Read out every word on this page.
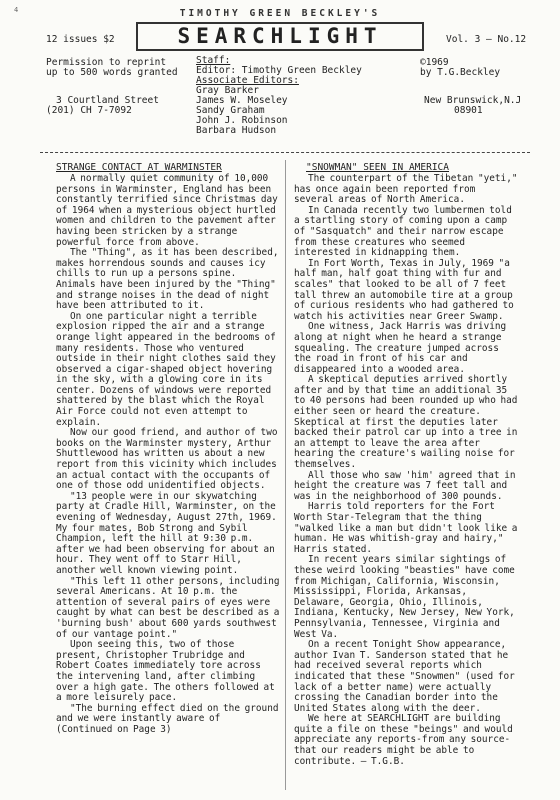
4	TIMOTHY GREEN BECKLEY'S
12 issues $2	SEARCHLIGHT	Vol. 3 — No.12
Permission to reprint
up to 500 words granted
3 Courtland Street
(201) CH 7-7092
Staff:
Editor: Timothy Green Beckley
Associate Editors:
Gray Barker
James W. Moseley
Sandy Graham
John J. Robinson
Barbara Hudson
©1969
by T.G.Beckley
New Brunswick,N.J
08901
STRANGE CONTACT AT WARMINSTER	"SNOWMAN" SEEN IN AMERICA

A normally quiet community of 10,000 persons in Warminster, England has been constantly terrified since Christmas day of 1964 when a mysterious object hurtled women and children to the pavement after having been stricken by a strange powerful force from above.

The "Thing", as it has been described, makes horrendous sounds and causes icy chills to run up a persons spine. Animals have been injured by the "Thing" and strange noises in the dead of night have been attributed to it.

On one particular night a terrible explosion ripped the air and a strange orange light appeared in the bedrooms of many residents. Those who ventured outside in their night clothes said they observed a cigar-shaped object hovering in the sky, with a glowing core in its center. Dozens of windows were reported shattered by the blast which the Royal Air Force could not even attempt to explain.

Now our good friend, and author of two books on the Warminster mystery, Arthur Shuttlewood has written us about a new report from this vicinity which includes an actual contact with the occupants of one of those odd unidentified objects.

"13 people were in our skywatching party at Cradle Hill, Warminster, on the evening of Wednesday, August 27th, 1969. My four mates, Bob Strong and Sybil Champion, left the hill at 9:30 p.m. after we had been observing for about an hour. They went off to Starr Hill, another well known viewing point.

"This left 11 other persons, including several Americans. At 10 p.m. the attention of several pairs of eyes were caught by what can best be described as a 'burning bush' about 600 yards southwest of our vantage point."

Upon seeing this, two of those present, Christopher Trubridge and Robert Coates immediately tore across the intervening land, after climbing over a high gate. The others followed at a more leisurely pace.

"The burning effect died on the ground and we were instantly aware of (Continued on Page 3)

The counterpart of the Tibetan "yeti," has once again been reported from several areas of North America.

In Canada recently two lumbermen told a startling story of coming upon a camp of "Sasquatch" and their narrow escape from these creatures who seemed interested in kidnapping them.

In Fort Worth, Texas in July, 1969 "a half man, half goat thing with fur and scales" that looked to be all of 7 feet tall threw an automobile tire at a group of curious residents who had gathered to watch his activities near Greer Swamp.

One witness, Jack Harris was driving along at night when he heard a strange squealing. The creature jumped across the road in front of his car and disappeared into a wooded area.

A skeptical deputies arrived shortly after and by that time an additional 35 to 40 persons had been rounded up who had either seen or heard the creature. Skeptical at first the deputies later backed their patrol car up into a tree in an attempt to leave the area after hearing the creature's wailing noise for themselves.

All those who saw 'him' agreed that in height the creature was 7 feet tall and was in the neighborhood of 300 pounds.

Harris told reporters for the Fort Worth Star-Telegram that the thing "walked like a man but didn't look like a human. He was whitish-gray and hairy," Harris stated.

In recent years similar sightings of these weird looking "beasties" have come from Michigan, California, Wisconsin, Mississippi, Florida, Arkansas, Delaware, Georgia, Ohio, Illinois, Indiana, Kentucky, New Jersey, New York, Pennsylvania, Tennessee, Virginia and West Va.

On a recent Tonight Show appearance, author Ivan T. Sanderson stated that he had received several reports which indicated that these "Snowmen" (used for lack of a better name) were actually crossing the Canadian border into the United States along with the deer.

We here at SEARCHLIGHT are building quite a file on these "beings" and would appreciate any reports-from any source-that our readers might be able to contribute. — T.G.B.
